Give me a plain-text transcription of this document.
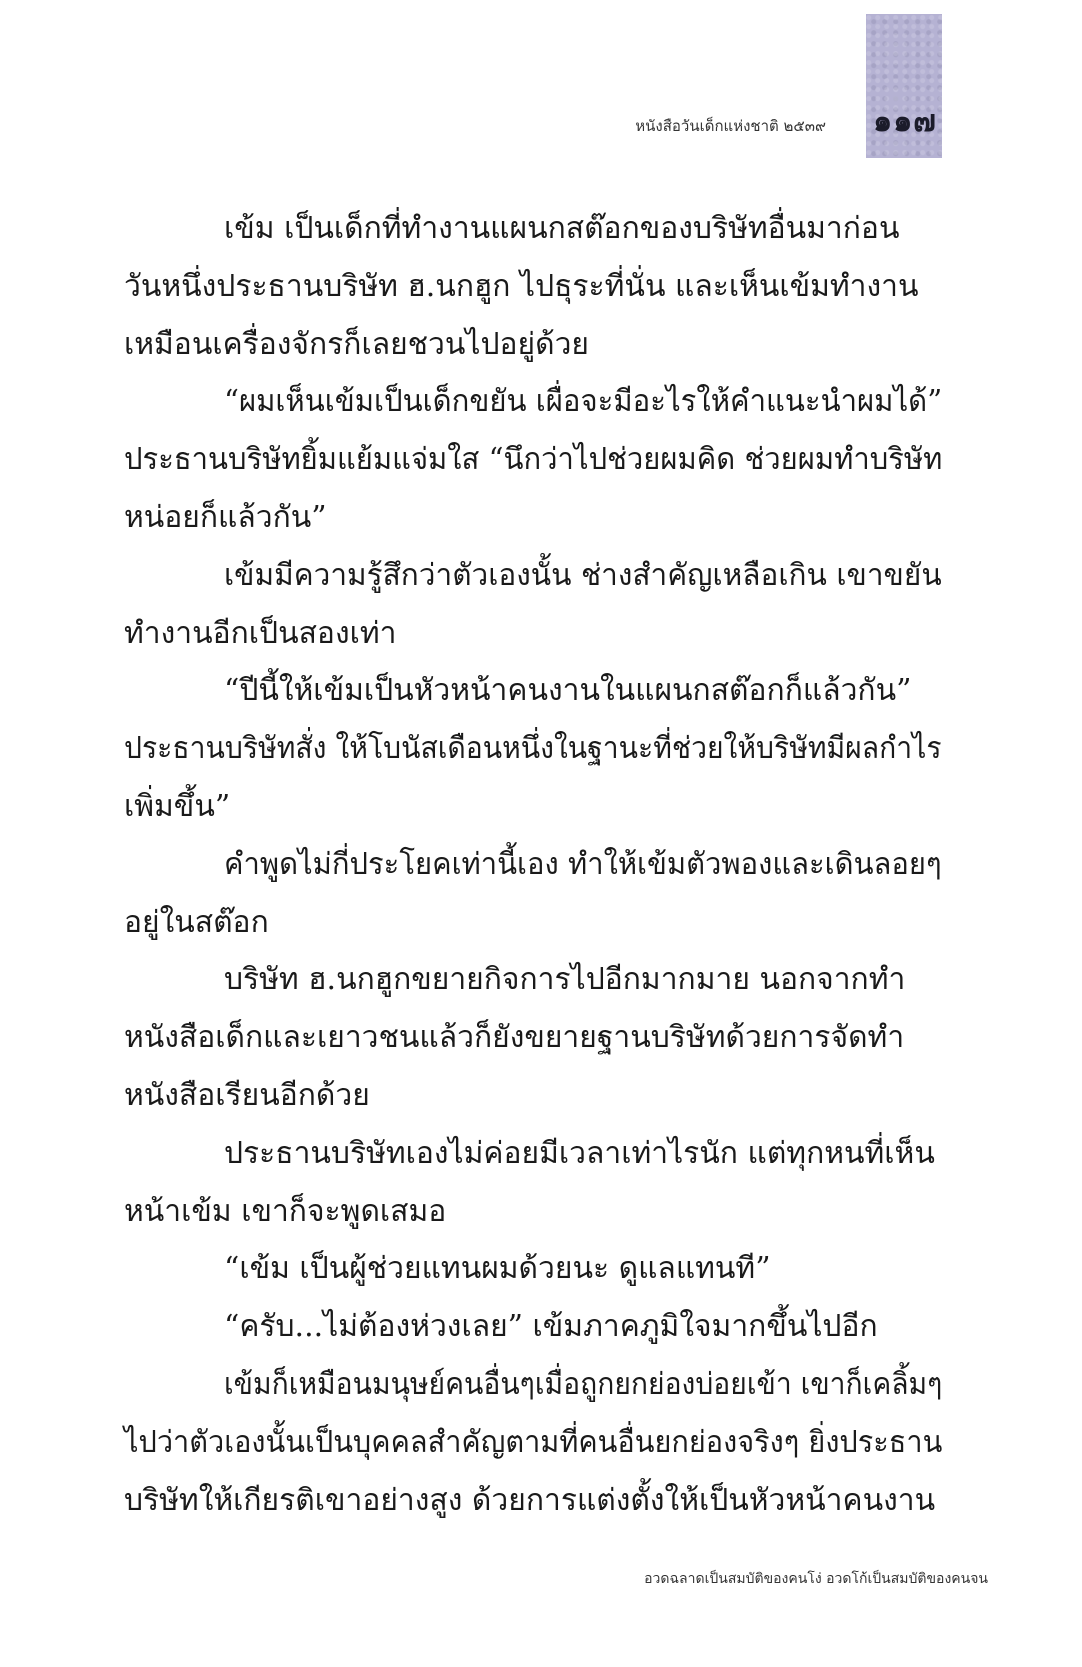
๑๑๗
หนังสือวันเด็กแห่งชาติ ๒๕๓๙
เข้ม เป็นเด็กที่ทำงานแผนกสต๊อกของบริษัทอื่นมาก่อน
วันหนึ่งประธานบริษัท ฮ.นกฮูก ไปธุระที่นั่น และเห็นเข้มทำงาน
เหมือนเครื่องจักรก็เลยชวนไปอยู่ด้วย
“ผมเห็นเข้มเป็นเด็กขยัน เผื่อจะมีอะไรให้คำแนะนำผมได้”
ประธานบริษัทยิ้มแย้มแจ่มใส “นึกว่าไปช่วยผมคิด ช่วยผมทำบริษัท
หน่อยก็แล้วกัน”
เข้มมีความรู้สึกว่าตัวเองนั้น ช่างสำคัญเหลือเกิน เขาขยัน
ทำงานอีกเป็นสองเท่า
“ปีนี้ให้เข้มเป็นหัวหน้าคนงานในแผนกสต๊อกก็แล้วกัน”
ประธานบริษัทสั่ง ให้โบนัสเดือนหนึ่งในฐานะที่ช่วยให้บริษัทมีผลกำไร
เพิ่มขึ้น”
คำพูดไม่กี่ประโยคเท่านี้เอง ทำให้เข้มตัวพองและเดินลอยๆ
อยู่ในสต๊อก
บริษัท ฮ.นกฮูกขยายกิจการไปอีกมากมาย นอกจากทำ
หนังสือเด็กและเยาวชนแล้วก็ยังขยายฐานบริษัทด้วยการจัดทำ
หนังสือเรียนอีกด้วย
ประธานบริษัทเองไม่ค่อยมีเวลาเท่าไรนัก แต่ทุกหนที่เห็น
หน้าเข้ม เขาก็จะพูดเสมอ
“เข้ม เป็นผู้ช่วยแทนผมด้วยนะ ดูแลแทนที”
“ครับ...ไม่ต้องห่วงเลย” เข้มภาคภูมิใจมากขึ้นไปอีก
เข้มก็เหมือนมนุษย์คนอื่นๆเมื่อถูกยกย่องบ่อยเข้า เขาก็เคลิ้มๆ
ไปว่าตัวเองนั้นเป็นบุคคลสำคัญตามที่คนอื่นยกย่องจริงๆ ยิ่งประธาน
บริษัทให้เกียรติเขาอย่างสูง ด้วยการแต่งตั้งให้เป็นหัวหน้าคนงาน
อวดฉลาดเป็นสมบัติของคนโง่ อวดโก้เป็นสมบัติของคนจน
